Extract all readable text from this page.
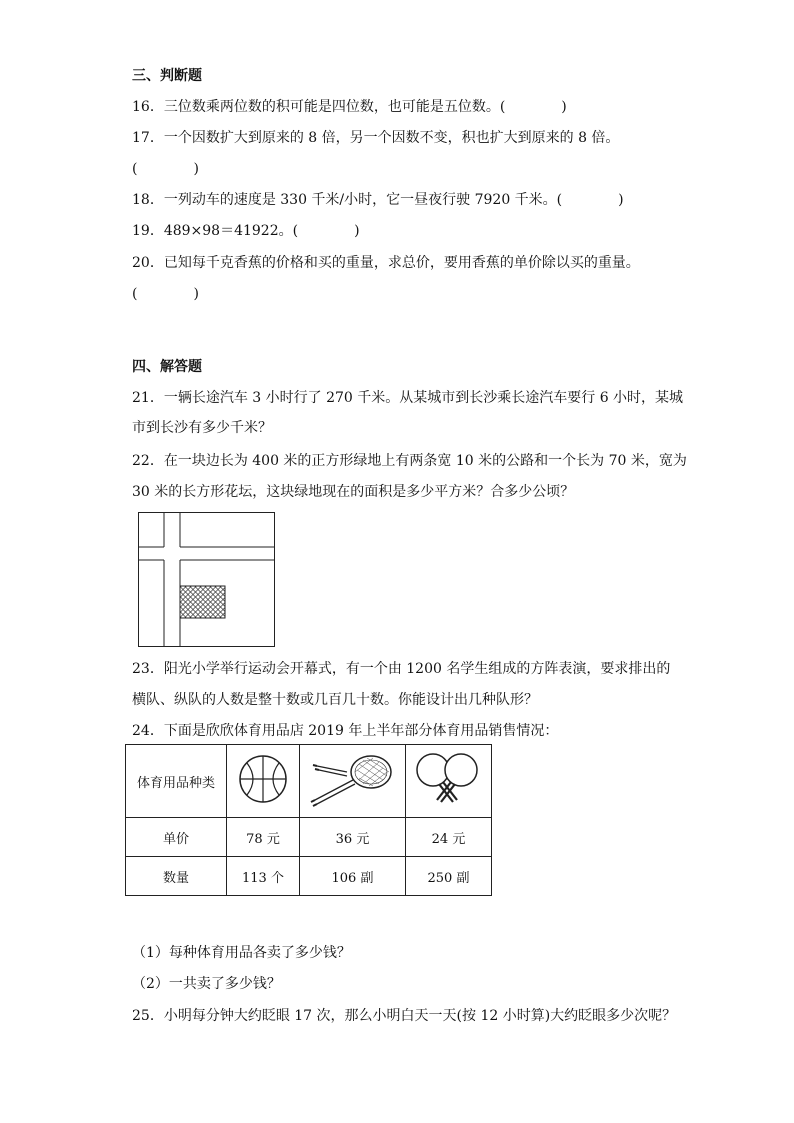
三、判断题
16．三位数乘两位数的积可能是四位数，也可能是五位数。(　　　　)
17．一个因数扩大到原来的 8 倍，另一个因数不变，积也扩大到原来的 8 倍。
(　　　　)
18．一列动车的速度是 330 千米/小时，它一昼夜行驶 7920 千米。(　　　　)
19．489×98＝41922。(　　　　)
20．已知每千克香蕉的价格和买的重量，求总价，要用香蕉的单价除以买的重量。
(　　　　)
四、解答题
21．一辆长途汽车 3 小时行了 270 千米。从某城市到长沙乘长途汽车要行 6 小时，某城
市到长沙有多少千米？
22．在一块边长为 400 米的正方形绿地上有两条宽 10 米的公路和一个长为 70 米，宽为
30 米的长方形花坛，这块绿地现在的面积是多少平方米？合多少公顷？
23．阳光小学举行运动会开幕式，有一个由 1200 名学生组成的方阵表演，要求排出的
横队、纵队的人数是整十数或几百几十数。你能设计出几种队形？
24．下面是欣欣体育用品店 2019 年上半年部分体育用品销售情况：
体育用品种类			
单价	78 元	36 元	24 元
数量	113 个	106 副	250 副
（1）每种体育用品各卖了多少钱？
（2）一共卖了多少钱？
25．小明每分钟大约眨眼 17 次，那么小明白天一天(按 12 小时算)大约眨眼多少次呢？
